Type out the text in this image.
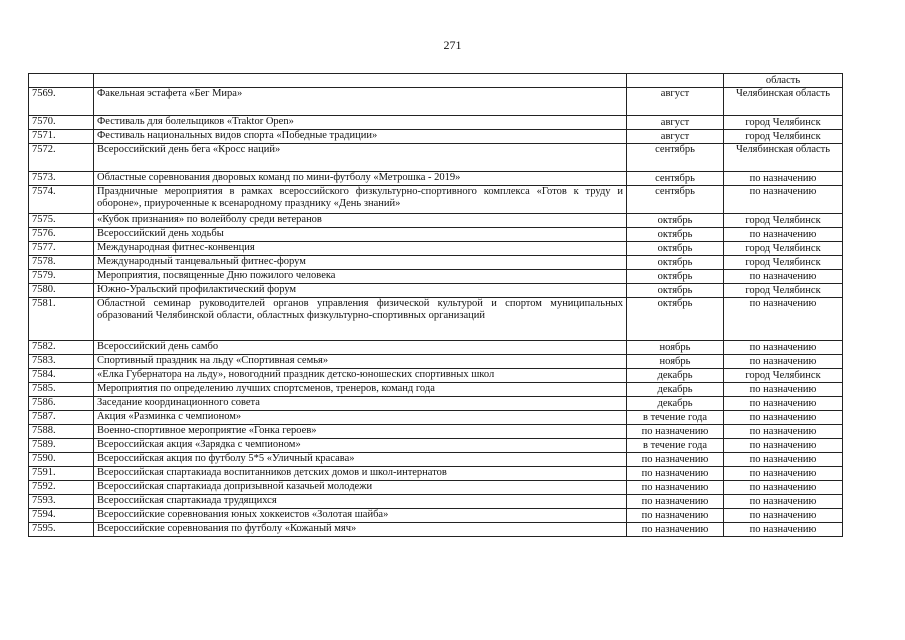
271
			область
7569.	Факельная эстафета «Бег Мира»	август	Челябинская область
7570.	Фестиваль для болельщиков «Traktor Open»	август	город Челябинск
7571.	Фестиваль национальных видов спорта «Победные традиции»	август	город Челябинск
7572.	Всероссийский день бега «Кросс наций»	сентябрь	Челябинская область
7573.	Областные соревнования дворовых команд по мини-футболу «Метрошка - 2019»	сентябрь	по назначению
7574.	Праздничные мероприятия в рамках всероссийского физкультурно-спортивного комплекса «Готов к труду и обороне», приуроченные к всенародному празднику «День знаний»	сентябрь	по назначению
7575.	«Кубок признания» по волейболу среди ветеранов	октябрь	город Челябинск
7576.	Всероссийский день ходьбы	октябрь	по назначению
7577.	Международная фитнес-конвенция	октябрь	город Челябинск
7578.	Международный танцевальный фитнес-форум	октябрь	город Челябинск
7579.	Мероприятия, посвященные Дню пожилого человека	октябрь	по назначению
7580.	Южно-Уральский профилактический форум	октябрь	город Челябинск
7581.	Областной семинар руководителей органов управления физической культурой и спортом муниципальных образований Челябинской области, областных физкультурно-спортивных организаций	октябрь	по назначению
7582.	Всероссийский день самбо	ноябрь	по назначению
7583.	Спортивный праздник на льду «Спортивная семья»	ноябрь	по назначению
7584.	«Елка Губернатора на льду», новогодний праздник детско-юношеских спортивных школ	декабрь	город Челябинск
7585.	Мероприятия по определению лучших спортсменов, тренеров, команд года	декабрь	по назначению
7586.	Заседание координационного совета	декабрь	по назначению
7587.	Акция «Разминка с чемпионом»	в течение года	по назначению
7588.	Военно-спортивное мероприятие «Гонка героев»	по назначению	по назначению
7589.	Всероссийская акция «Зарядка с чемпионом»	в течение года	по назначению
7590.	Всероссийская акция по футболу 5*5 «Уличный красава»	по назначению	по назначению
7591.	Всероссийская спартакиада воспитанников детских домов и школ-интернатов	по назначению	по назначению
7592.	Всероссийская спартакиада допризывной казачьей молодежи	по назначению	по назначению
7593.	Всероссийская спартакиада трудящихся	по назначению	по назначению
7594.	Всероссийские соревнования юных хоккеистов «Золотая шайба»	по назначению	по назначению
7595.	Всероссийские соревнования по футболу «Кожаный мяч»	по назначению	по назначению
